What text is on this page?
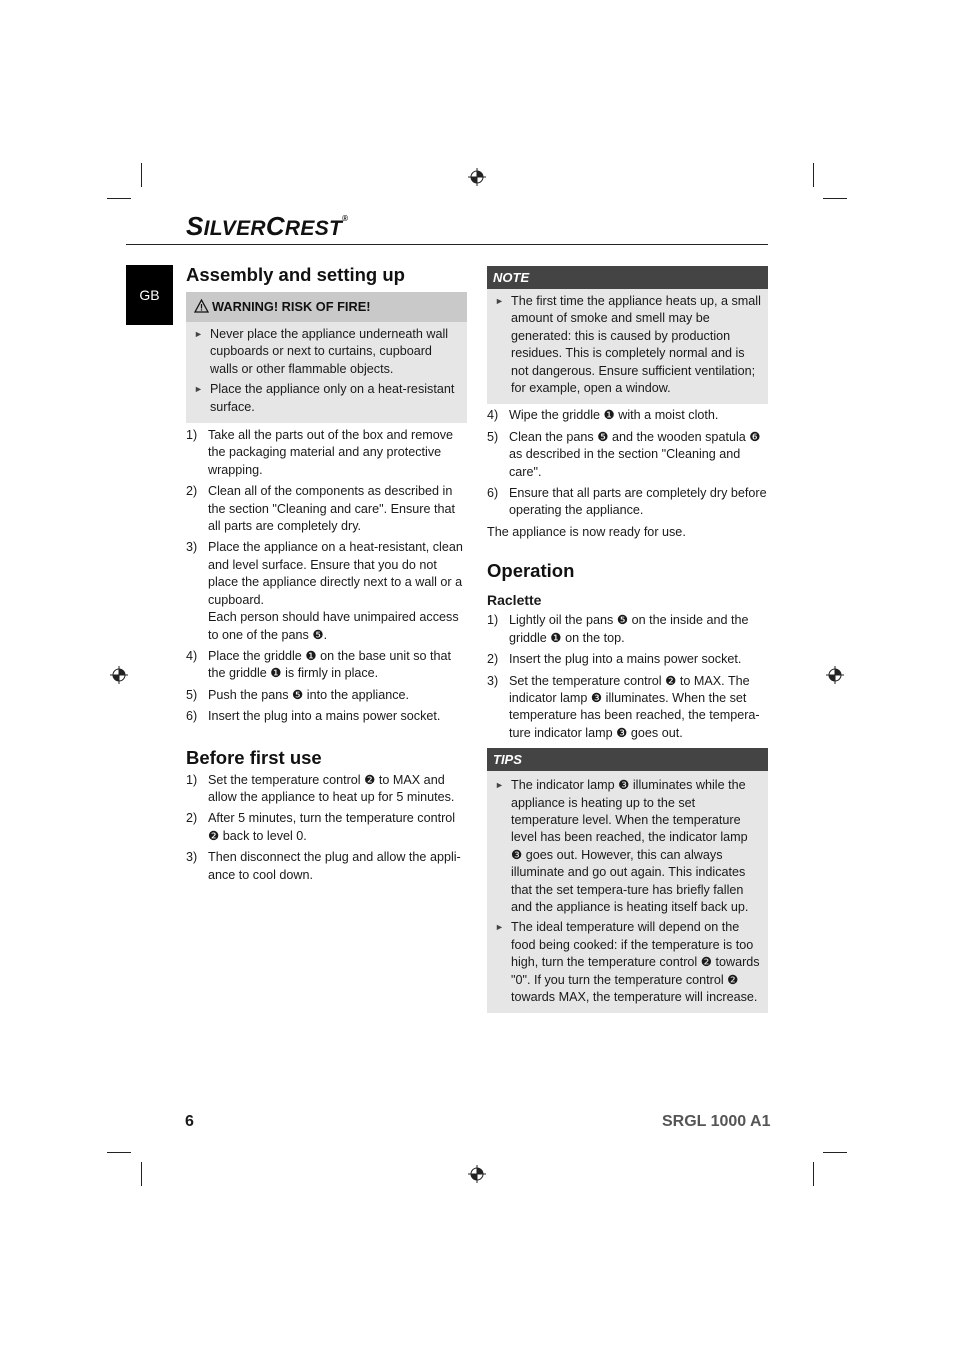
SILVERCREST®
GB
Assembly and setting up
WARNING! RISK OF FIRE!
► Never place the appliance underneath wall cupboards or next to curtains, cupboard walls or other flammable objects.
► Place the appliance only on a heat-resistant surface.
1) Take all the parts out of the box and remove the packaging material and any protective wrapping.
2) Clean all of the components as described in the section "Cleaning and care". Ensure that all parts are completely dry.
3) Place the appliance on a heat-resistant, clean and level surface. Ensure that you do not place the appliance directly next to a wall or a cupboard.
Each person should have unimpaired access to one of the pans ❺.
4) Place the griddle ❶ on the base unit so that the griddle ❶ is firmly in place.
5) Push the pans ❺ into the appliance.
6) Insert the plug into a mains power socket.
Before first use
1) Set the temperature control ❷ to MAX and allow the appliance to heat up for 5 minutes.
2) After 5 minutes, turn the temperature control ❷ back to level 0.
3) Then disconnect the plug and allow the appli-ance to cool down.
NOTE
► The first time the appliance heats up, a small amount of smoke and smell may be generated: this is caused by production residues. This is completely normal and is not dangerous. Ensure sufficient ventilation; for example, open a window.
4) Wipe the griddle ❶ with a moist cloth.
5) Clean the pans ❺ and the wooden spatula ❻ as described in the section "Cleaning and care".
6) Ensure that all parts are completely dry before operating the appliance.

The appliance is now ready for use.

Operation
Raclette
1) Lightly oil the pans ❺ on the inside and the griddle ❶ on the top.
2) Insert the plug into a mains power socket.
3) Set the temperature control ❷ to MAX. The indicator lamp ❸ illuminates. When the set temperature has been reached, the tempera-ture indicator lamp ❸ goes out.
TIPS
► The indicator lamp ❸ illuminates while the appliance is heating up to the set temperature level. When the temperature level has been reached, the indicator lamp ❸ goes out. However, this can always illuminate and go out again. This indicates that the set tempera-ture has briefly fallen and the appliance is heating itself back up.
► The ideal temperature will depend on the food being cooked: if the temperature is too high, turn the temperature control ❷ towards "0". If you turn the temperature control ❷ towards MAX, the temperature will increase.
6	SRGL 1000 A1
